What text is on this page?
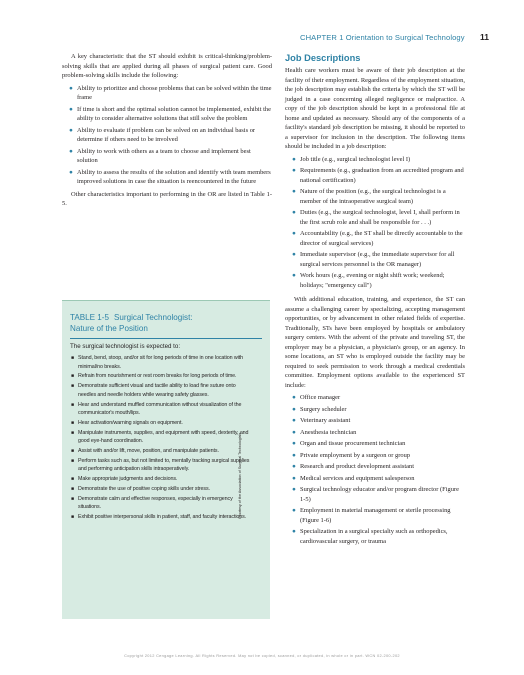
CHAPTER 1 Orientation to Surgical Technology	11

A key characteristic that the ST should exhibit is critical-thinking/problem-solving skills that are applied during all phases of surgical patient care. Good problem-solving skills include the following:

● Ability to prioritize and choose problems that can be solved within the time frame
● If time is short and the optimal solution cannot be implemented, exhibit the ability to consider alternative solutions that still solve the problem
● Ability to evaluate if problem can be solved on an individual basis or determine if others need to be involved
● Ability to work with others as a team to choose and implement best solution
● Ability to assess the results of the solution and identify with team members improved solutions in case the situation is reencountered in the future

Other characteristics important to performing in the OR are listed in Table 1-5.

TABLE 1-5 Surgical Technologist:
Nature of the Position
The surgical technologist is expected to:
■ Stand, bend, stoop, and/or sit for long periods of time in one location with minimal/no breaks.
■ Refrain from nourishment or rest room breaks for long periods of time.
■ Demonstrate sufficient visual and tactile ability to load fine suture onto needles and needle holders while wearing safety glasses.
■ Hear and understand muffled communication without visualization of the communicator's mouth/lips.
■ Hear activation/warning signals on equipment.
■ Manipulate instruments, supplies, and equipment with speed, dexterity, and good eye-hand coordination.
■ Assist with and/or lift, move, position, and manipulate patients.
■ Perform tasks such as, but not limited to, mentally tracking surgical supplies and performing anticipation skills intraoperatively.
■ Make appropriate judgments and decisions.
■ Demonstrate the use of positive coping skills under stress.
■ Demonstrate calm and effective responses, especially in emergency situations.
■ Exhibit positive interpersonal skills in patient, staff, and faculty interactions.
Courtesy of the Association of Surgical Technologists
Job Descriptions

Health care workers must be aware of their job description at the facility of their employment. Regardless of the employment situation, the job description may establish the criteria by which the ST will be judged in a case concerning alleged negligence or malpractice. A copy of the job description should be kept in a professional file at home and updated as necessary. Should any of the components of a facility's standard job description be missing, it should be reported to a supervisor for inclusion in the description. The following items should be included in a job description:

● Job title (e.g., surgical technologist level I)
● Requirements (e.g., graduation from an accredited program and national certification)
● Nature of the position (e.g., the surgical technologist is a member of the intraoperative surgical team)
● Duties (e.g., the surgical technologist, level I, shall perform in the first scrub role and shall be responsible for . . .)
● Accountability (e.g., the ST shall be directly accountable to the director of surgical services)
● Immediate supervisor (e.g., the immediate supervisor for all surgical services personnel is the OR manager)
● Work hours (e.g., evening or night shift work; weekend; holidays; "emergency call")

With additional education, training, and experience, the ST can assume a challenging career by specializing, accepting management opportunities, or by advancement in other related fields of expertise. Traditionally, STs have been employed by hospitals or ambulatory surgery centers. With the advent of the private and traveling ST, the employer may be a physician, a physician's group, or an agency. In some locations, an ST who is employed outside the facility may be required to seek permission to work through a medical credentials committee. Employment options available to the experienced ST include:

● Office manager
● Surgery scheduler
● Veterinary assistant
● Anesthesia technician
● Organ and tissue procurement technician
● Private employment by a surgeon or group
● Research and product development assistant
● Medical services and equipment salesperson
● Surgical technology educator and/or program director (Figure 1-5)
● Employment in material management or sterile processing (Figure 1-6)
● Specialization in a surgical specialty such as orthopedics, cardiovascular surgery, or trauma
Copyright 2012 Cengage Learning. All Rights Reserved. May not be copied, scanned, or duplicated, in whole or in part. WCN 02-200-202
